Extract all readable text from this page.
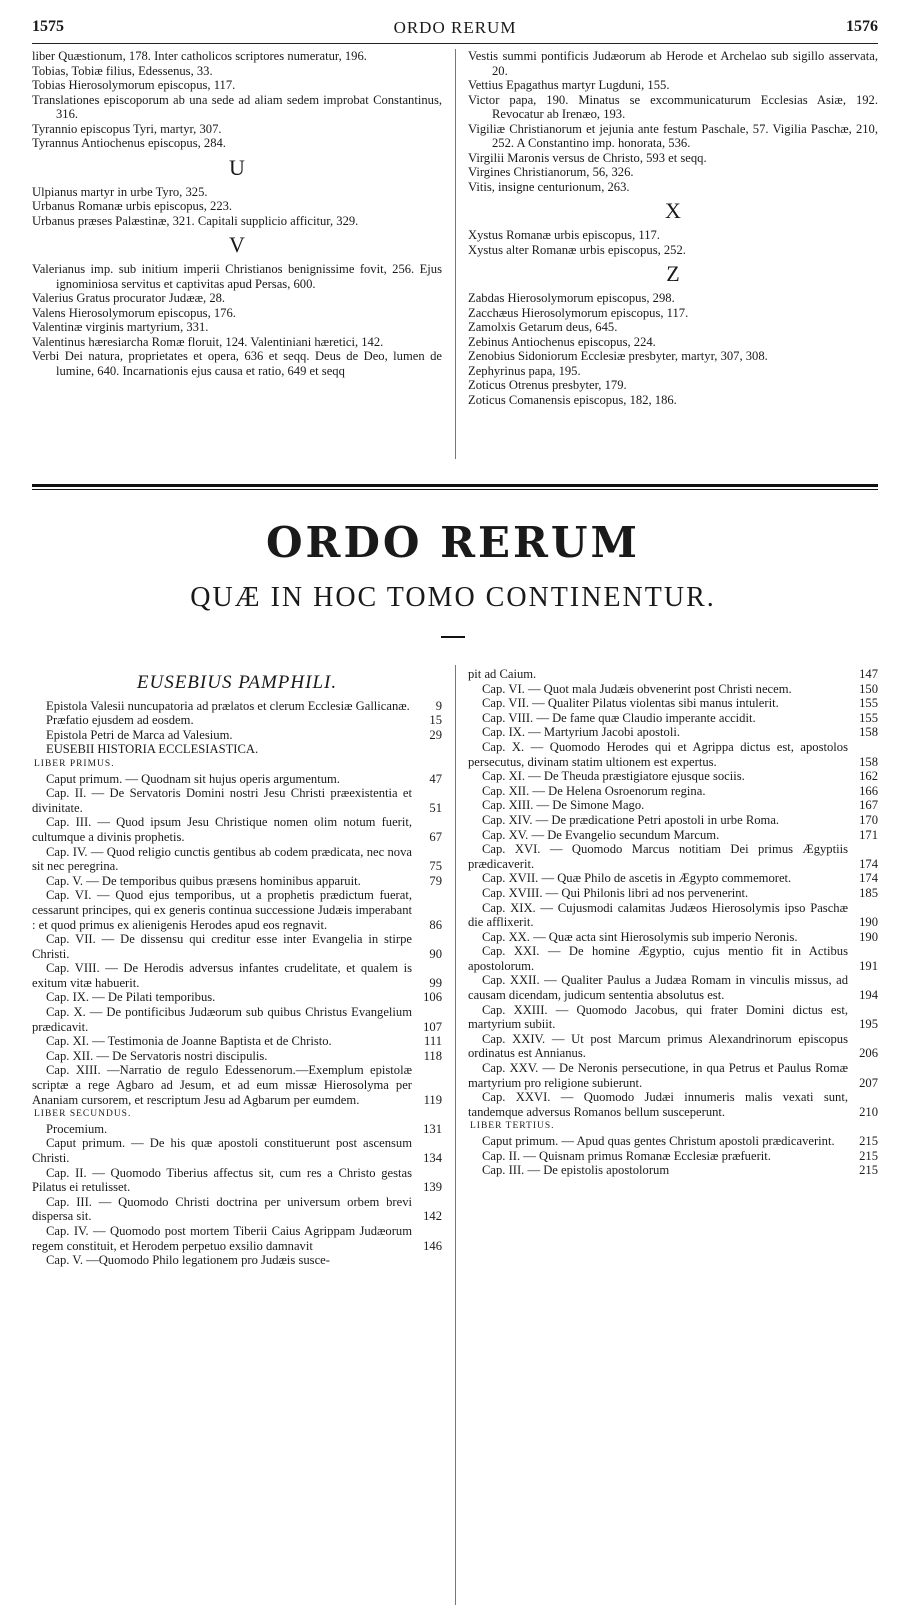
1575	ORDO RERUM	1576

liber Quæstionum, 178. Inter catholicos scriptores numeratur, 196.

Tobias, Tobiæ filius, Edessenus, 33.

Tobias Hierosolymorum episcopus, 117.

Translationes episcoporum ab una sede ad aliam sedem improbat Constantinus, 316.

Tyrannio episcopus Tyri, martyr, 307.

Tyrannus Antiochenus episcopus, 284.

U

Ulpianus martyr in urbe Tyro, 325.

Urbanus Romanæ urbis episcopus, 223.

Urbanus præses Palæstinæ, 321. Capitali supplicio afficitur, 329.

V

Valerianus imp. sub initium imperii Christianos benignissime fovit, 256. Ejus ignominiosa servitus et captivitas apud Persas, 600.

Valerius Gratus procurator Judææ, 28.

Valens Hierosolymorum episcopus, 176.

Valentinæ virginis martyrium, 331.

Valentinus hæresiarcha Romæ floruit, 124. Valentiniani hæretici, 142.

Verbi Dei natura, proprietates et opera, 636 et seqq. Deus de Deo, lumen de lumine, 640. Incarnationis ejus causa et ratio, 649 et seqq

Vestis summi pontificis Judæorum ab Herode et Archelao sub sigillo asservata, 20.

Vettius Epagathus martyr Lugduni, 155.

Victor papa, 190. Minatus se excommunicaturum Ecclesias Asiæ, 192. Revocatur ab Irenæo, 193.

Vigiliæ Christianorum et jejunia ante festum Paschale, 57. Vigilia Paschæ, 210, 252. A Constantino imp. honorata, 536.

Virgilii Maronis versus de Christo, 593 et seqq.

Virgines Christianorum, 56, 326.

Vitis, insigne centurionum, 263.

X

Xystus Romanæ urbis episcopus, 117.

Xystus alter Romanæ urbis episcopus, 252.

Z

Zabdas Hierosolymorum episcopus, 298.

Zacchæus Hierosolymorum episcopus, 117.

Zamolxis Getarum deus, 645.

Zebinus Antiochenus episcopus, 224.

Zenobius Sidoniorum Ecclesiæ presbyter, martyr, 307, 308.

Zephyrinus papa, 195.

Zoticus Otrenus presbyter, 179.

Zoticus Comanensis episcopus, 182, 186.

ORDO RERUM
QUÆ IN HOC TOMO CONTINENTUR.
EUSEBIUS PAMPHILI.

Epistola Valesii nuncupatoria ad prælatos et clerum Ecclesiæ Gallicanæ. 9

Præfatio ejusdem ad eosdem.	15

Epistola Petri de Marca ad Valesium.	29

EUSEBII HISTORIA ECCLESIASTICA.
LIBER PRIMUS.

Caput primum. — Quodnam sit hujus operis argumentum.	47

Cap. II. — De Servatoris Domini nostri Jesu Christi præexistentia et divinitate.	51

Cap. III. — Quod ipsum Jesu Christique nomen olim notum fuerit, cultumque a divinis prophetis.	67

Cap. IV. — Quod religio cunctis gentibus ab codem prædicata, nec nova sit nec peregrina.	75

Cap. V. — De temporibus quibus præsens hominibus apparuit.	79

Cap. VI. — Quod ejus temporibus, ut a prophetis prædictum fuerat, cessarunt principes, qui ex generis continua successione Judæis imperabant : et quod primus ex alienigenis Herodes apud eos regnavit.	86

Cap. VII. — De dissensu qui creditur esse inter Evangelia in stirpe Christi.	90

Cap. VIII. — De Herodis adversus infantes crudelitate, et qualem is exitum vitæ habuerit.	99

Cap. IX. — De Pilati temporibus.	106

Cap. X. — De pontificibus Judæorum sub quibus Christus Evangelium prædicavit.	107

Cap. XI. — Testimonia de Joanne Baptista et de Christo.	111

Cap. XII. — De Servatoris nostri discipulis.	118

Cap. XIII. —Narratio de regulo Edessenorum.—Exemplum epistolæ scriptæ a rege Agbaro ad Jesum, et ad eum missæ Hierosolyma per Ananiam cursorem, et rescriptum Jesu ad Agbarum per eumdem.	119

LIBER SECUNDUS.

Procemium.	131

Caput primum. — De his quæ apostoli constituerunt post ascensum Christi.	134

Cap. II. — Quomodo Tiberius affectus sit, cum res a Christo gestas Pilatus ei retulisset.	139

Cap. III. — Quomodo Christi doctrina per universum orbem brevi dispersa sit.	142

Cap. IV. — Quomodo post mortem Tiberii Caius Agrippam Judæorum regem constituit, et Herodem perpetuo exsilio damnavit	146

Cap. V. —Quomodo Philo legationem pro Judæis susce-

pit ad Caium.	147

Cap. VI. — Quot mala Judæis obvenerint post Christi necem.	150

Cap. VII. — Qualiter Pilatus violentas sibi manus intulerit.	155

Cap. VIII. — De fame quæ Claudio imperante accidit.	155

Cap. IX. — Martyrium Jacobi apostoli.	158

Cap. X. — Quomodo Herodes qui et Agrippa dictus est, apostolos persecutus, divinam statim ultionem est expertus.	158

Cap. XI. — De Theuda præstigiatore ejusque sociis.	162

Cap. XII. — De Helena Osroenorum regina.	166

Cap. XIII. — De Simone Mago.	167

Cap. XIV. — De prædicatione Petri apostoli in urbe Roma.	170

Cap. XV. — De Evangelio secundum Marcum.	171

Cap. XVI. — Quomodo Marcus notitiam Dei primus Ægyptiis prædicaverit.	174

Cap. XVII. — Quæ Philo de ascetis in Ægypto commemoret.	174

Cap. XVIII. — Qui Philonis libri ad nos pervenerint.	185

Cap. XIX. — Cujusmodi calamitas Judæos Hierosolymis ipso Paschæ die afflixerit.	190

Cap. XX. — Quæ acta sint Hierosolymis sub imperio Neronis.	190

Cap. XXI. — De homine Ægyptio, cujus mentio fit in Actibus apostolorum.	191

Cap. XXII. — Qualiter Paulus a Judæa Romam in vinculis missus, ad causam dicendam, judicum sententia absolutus est.	194

Cap. XXIII. — Quomodo Jacobus, qui frater Domini dictus est, martyrium subiit.	195

Cap. XXIV. — Ut post Marcum primus Alexandrinorum episcopus ordinatus est Annianus.	206

Cap. XXV. — De Neronis persecutione, in qua Petrus et Paulus Romæ martyrium pro religione subierunt.	207

Cap. XXVI. — Quomodo Judæi innumeris malis vexati sunt, tandemque adversus Romanos bellum susceperunt.	210

LIBER TERTIUS.

Caput primum. — Apud quas gentes Christum apostoli prædicaverint. 215

Cap. II. — Quisnam primus Romanæ Ecclesiæ præfuerit.	215

Cap. III. — De epistolis apostolorum	215
